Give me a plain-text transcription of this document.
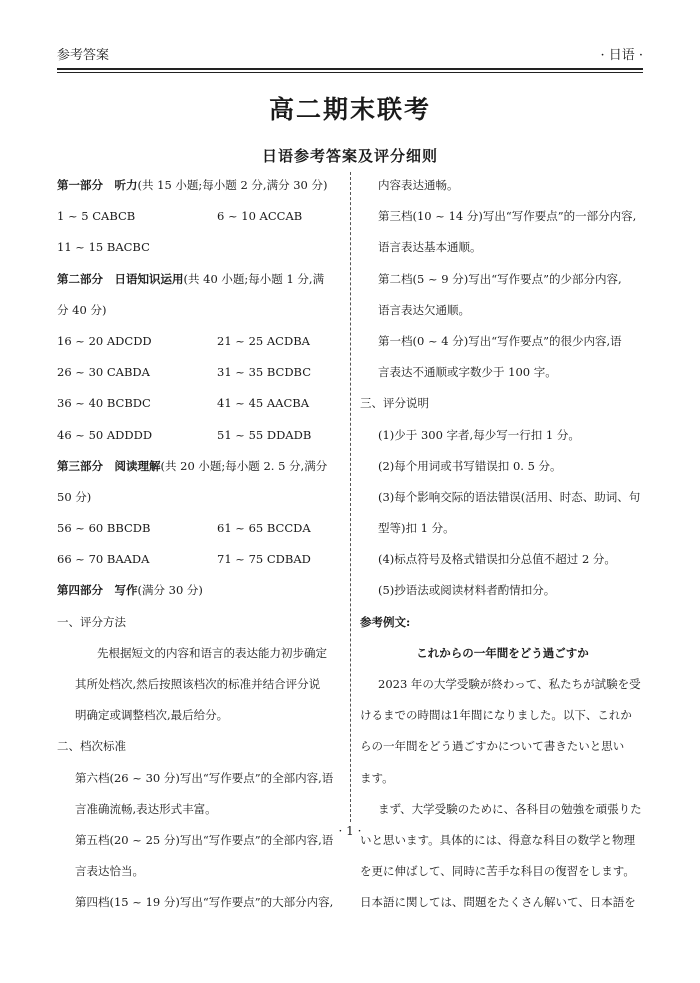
参考答案	· 日语 ·
高二期末联考
日语参考答案及评分细则
第一部分　听力(共 15 小题;每小题 2 分,满分 30 分)
1 ~ 5 CABCB	6 ~ 10 ACCAB
11 ~ 15 BACBC
第二部分　日语知识运用(共 40 小题;每小题 1 分,满
分 40 分)
16 ~ 20 ADCDD	21 ~ 25 ACDBA
26 ~ 30 CABDA	31 ~ 35 BCDBC
36 ~ 40 BCBDC	41 ~ 45 AACBA
46 ~ 50 ADDDD	51 ~ 55 DDADB
第三部分　阅读理解(共 20 小题;每小题 2. 5 分,满分
50 分)
56 ~ 60 BBCDB	61 ~ 65 BCCDA
66 ~ 70 BAADA	71 ~ 75 CDBAD
第四部分　写作(满分 30 分)
一、评分方法
先根据短文的内容和语言的表达能力初步确定
其所处档次,然后按照该档次的标准并结合评分说
明确定或调整档次,最后给分。
二、档次标准
第六档(26 ~ 30 分)写出“写作要点”的全部内容,语
言准确流畅,表达形式丰富。
第五档(20 ~ 25 分)写出“写作要点”的全部内容,语
言表达恰当。
第四档(15 ~ 19 分)写出“写作要点”的大部分内容,
内容表达通畅。
第三档(10 ~ 14 分)写出“写作要点”的一部分内容,
语言表达基本通顺。
第二档(5 ~ 9 分)写出“写作要点”的少部分内容,
语言表达欠通顺。
第一档(0 ~ 4 分)写出“写作要点”的很少内容,语
言表达不通顺或字数少于 100 字。
三、评分说明
(1)少于 300 字者,每少写一行扣 1 分。
(2)每个用词或书写错误扣 0. 5 分。
(3)每个影响交际的语法错误(活用、时态、助词、句
型等)扣 1 分。
(4)标点符号及格式错误扣分总值不超过 2 分。
(5)抄语法或阅读材料者酌情扣分。
参考例文:
これからの一年間をどう過ごすか
2023 年の大学受験が終わって、私たちが試験を受
けるまでの時間は1年間になりました。以下、これか
らの一年間をどう過ごすかについて書きたいと思い
ます。
まず、大学受験のために、各科目の勉強を頑張りた
いと思います。具体的には、得意な科目の数学と物理
を更に伸ばして、同時に苦手な科目の復習をします。
日本語に関しては、問題をたくさん解いて、日本語を
· 1 ·
